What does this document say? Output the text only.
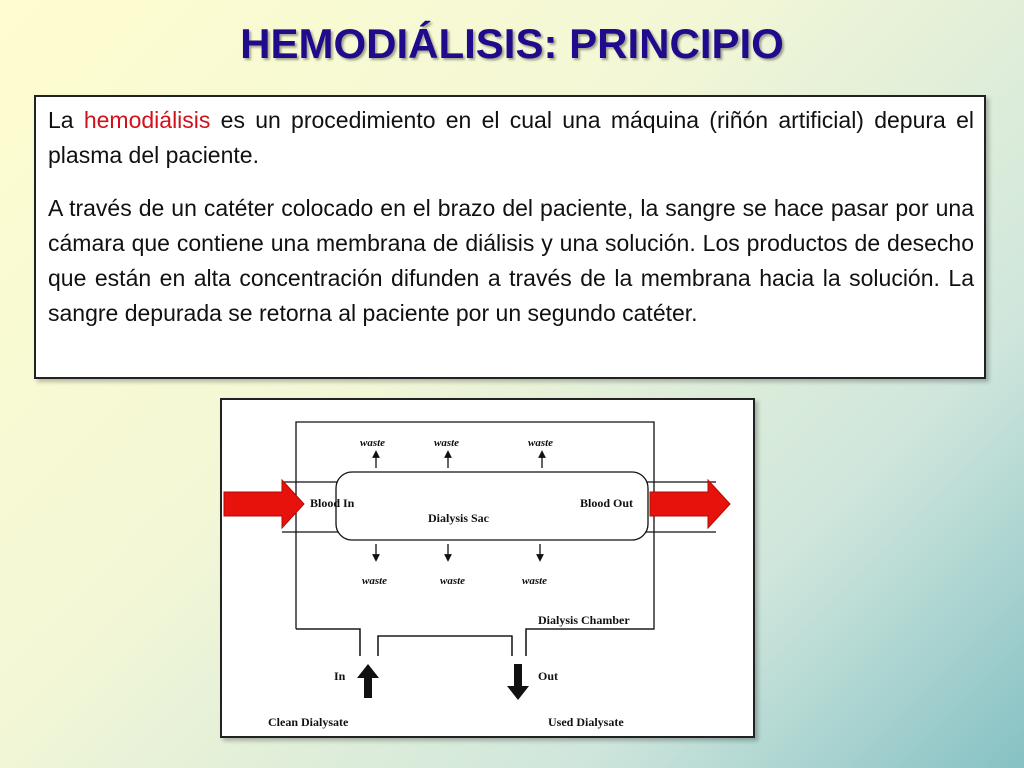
HEMODIÁLISIS: PRINCIPIO

La hemodiálisis es un procedimiento en el cual una máquina (riñón artificial) depura el plasma del paciente.

A través de un catéter colocado en el brazo del paciente, la sangre se hace pasar por una cámara que contiene una membrana de diálisis y una solución. Los productos de desecho que están en alta concentración difunden a través de la membrana hacia la solución. La sangre depurada se retorna al paciente por un segundo catéter.

Blood In	Blood Out
Dialysis Sac
waste	waste	waste
waste	waste	waste
Dialysis Chamber
In	Out
Clean Dialysate	Used Dialysate
